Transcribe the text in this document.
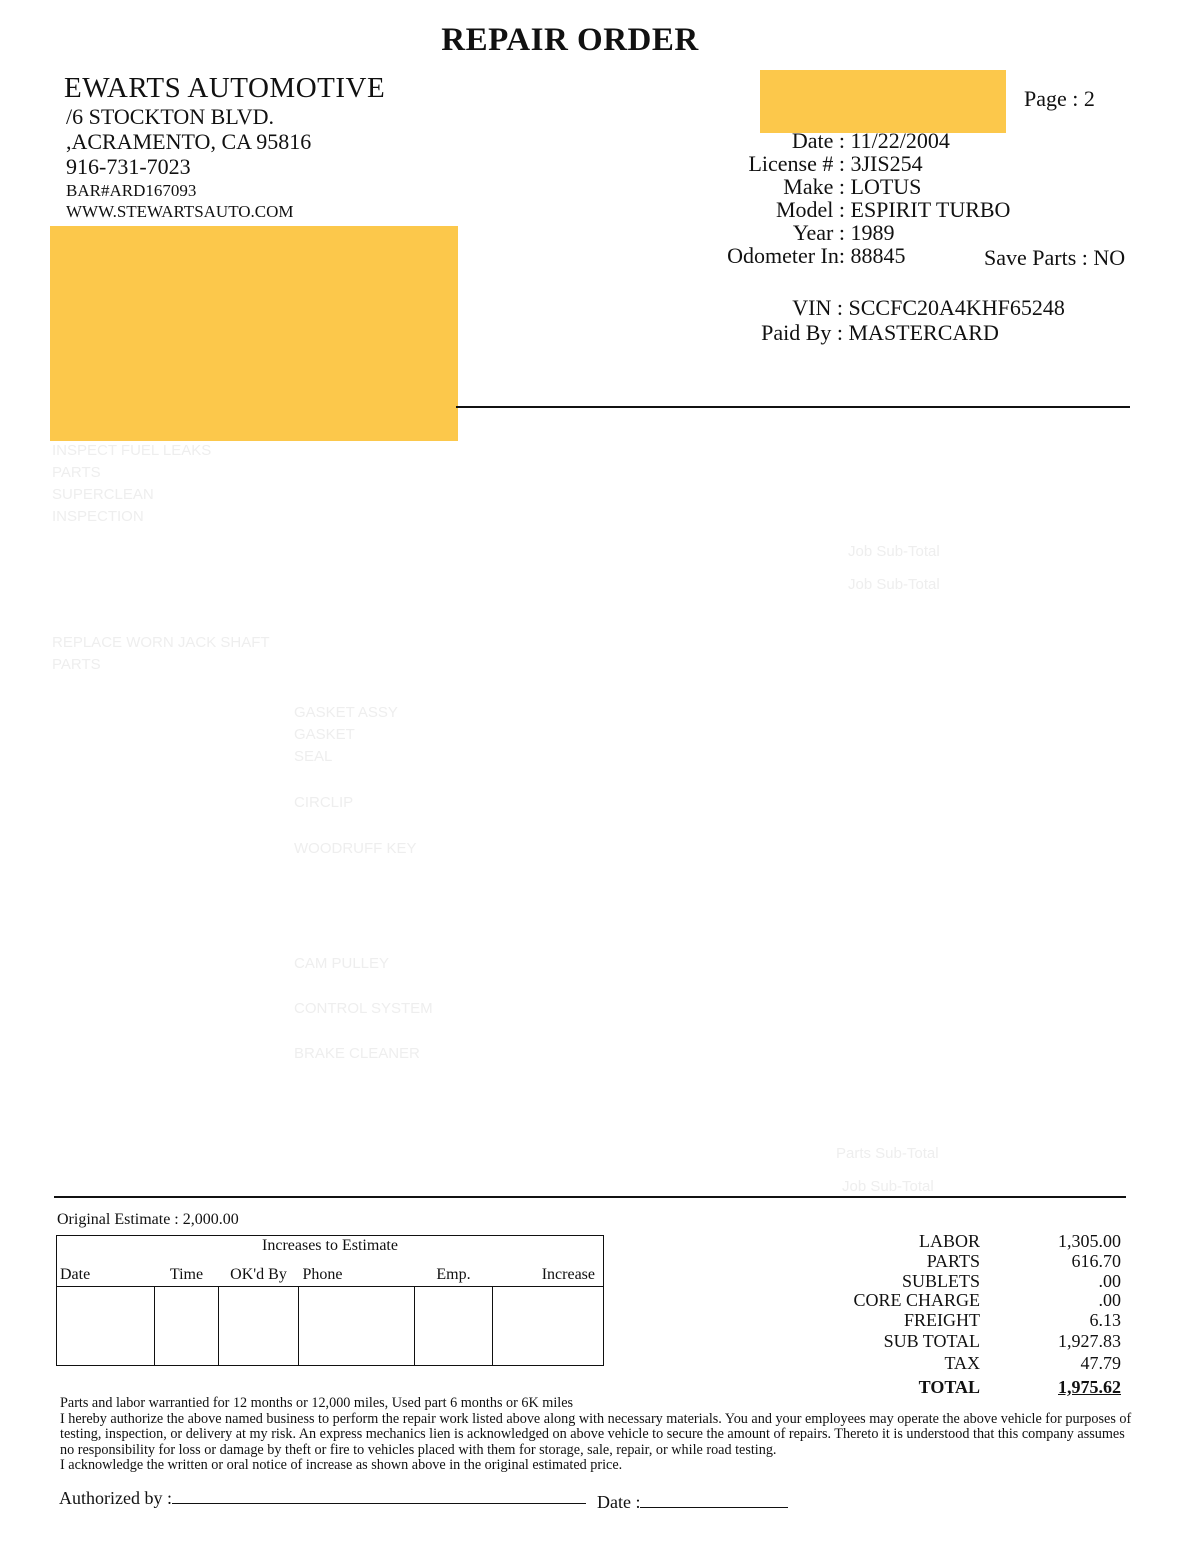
REPAIR ORDER
EWARTS AUTOMOTIVE
/6 STOCKTON BLVD.
,ACRAMENTO, CA 95816
916-731-7023
BAR#ARD167093
WWW.STEWARTSAUTO.COM
Page : 2
Date : 11/22/2004
License # : 3JIS254
Make : LOTUS
Model : ESPIRIT TURBO
Year : 1989
Odometer In: 88845	Save Parts : NO
VIN : SCCFC20A4KHF65248
Paid By : MASTERCARD
INSPECT FUEL LEAKS
PARTS
SUPERCLEAN
INSPECTION
Job Sub-Total
Job Sub-Total
REPLACE WORN JACK SHAFT
PARTS
GASKET ASSY
GASKET
SEAL
CIRCLIP
WOODRUFF KEY
CAM PULLEY
CONTROL SYSTEM
BRAKE CLEANER
Parts Sub-Total
Job Sub-Total
Original Estimate : 2,000.00
Increases to Estimate					
Date	Time	OK'd By	Phone	Emp.	Increase

LABOR	1,305.00
PARTS	616.70
SUBLETS	.00
CORE CHARGE	.00
FREIGHT	6.13
SUB TOTAL	1,927.83
TAX	47.79
TOTAL	1,975.62
Parts and labor warrantied for 12 months or 12,000 miles, Used part 6 months or 6K miles
I hereby authorize the above named business to perform the repair work listed above along with necessary materials. You and your employees may operate the above vehicle for purposes of testing, inspection, or delivery at my risk. An express mechanics lien is acknowledged on above vehicle to secure the amount of repairs. Thereto it is understood that this company assumes no responsibility for loss or damage by theft or fire to vehicles placed with them for storage, sale, repair, or while road testing.
I acknowledge the written or oral notice of increase as shown above in the original estimated price.
Authorized by :	Date :
